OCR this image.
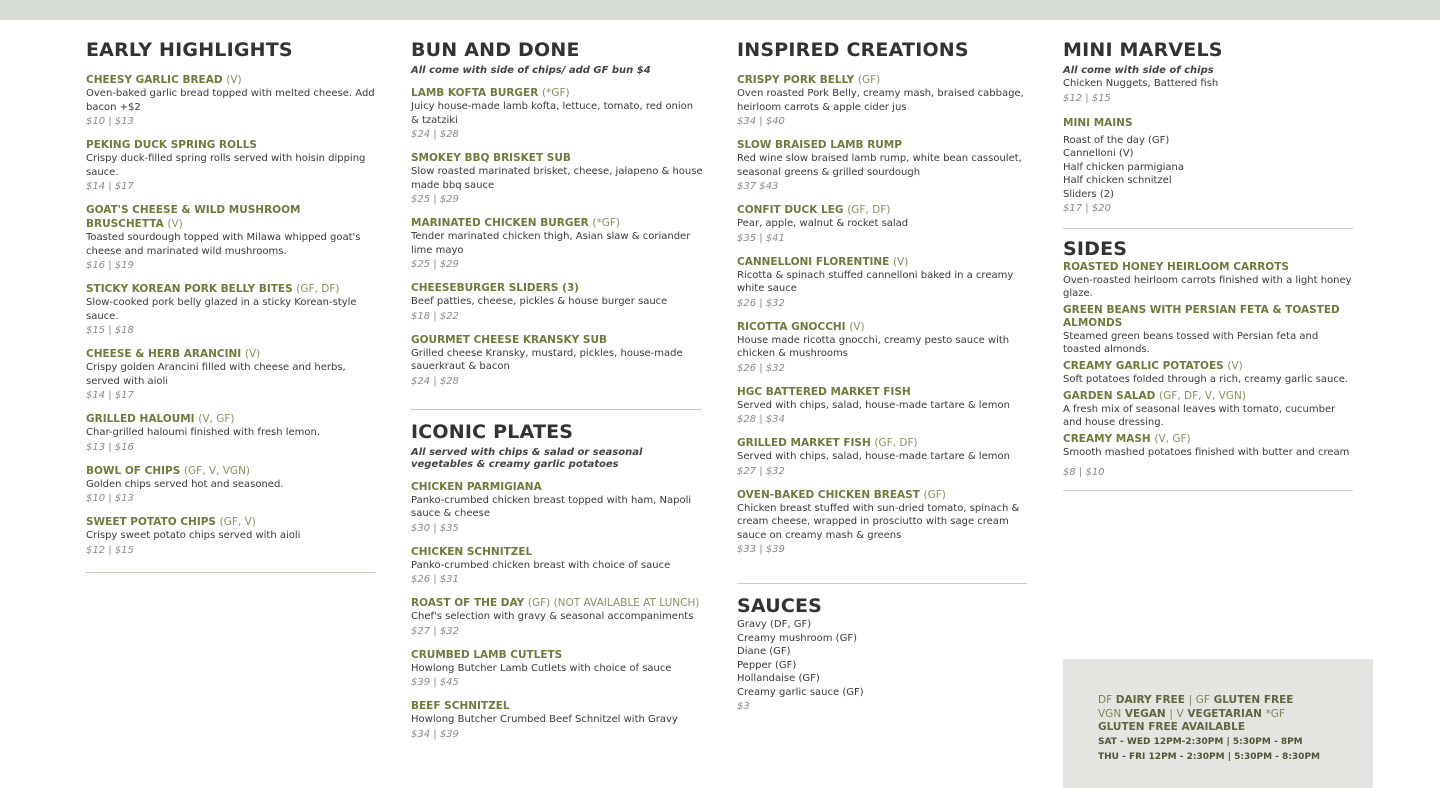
EARLY HIGHLIGHTS
CHEESY GARLIC BREAD (V)
Oven-baked garlic bread topped with melted cheese. Add bacon +$2
$10 | $13
PEKING DUCK SPRING ROLLS
Crispy duck-filled spring rolls served with hoisin dipping sauce.
$14 | $17
GOAT'S CHEESE & WILD MUSHROOM BRUSCHETTA (V)
Toasted sourdough topped with Milawa whipped goat's cheese and marinated wild mushrooms.
$16 | $19
STICKY KOREAN PORK BELLY BITES (GF, DF)
Slow-cooked pork belly glazed in a sticky Korean-style sauce.
$15 | $18
CHEESE & HERB ARANCINI (V)
Crispy golden Arancini filled with cheese and herbs, served with aioli
$14 | $17
GRILLED HALOUMI (V, GF)
Char-grilled haloumi finished with fresh lemon.
$13 | $16
BOWL OF CHIPS (GF, V, VGN)
Golden chips served hot and seasoned.
$10 | $13
SWEET POTATO CHIPS (GF, V)
Crispy sweet potato chips served with aioli
$12 | $15
BUN AND DONE
All come with side of chips/ add GF bun $4
LAMB KOFTA BURGER (*GF)
Juicy house-made lamb kofta, lettuce, tomato, red onion & tzatziki
$24 | $28
SMOKEY BBQ BRISKET SUB
Slow roasted marinated brisket, cheese, jalapeno & house made bbq sauce
$25 | $29
MARINATED CHICKEN BURGER (*GF)
Tender marinated chicken thigh, Asian slaw & coriander lime mayo
$25 | $29
CHEESEBURGER SLIDERS (3)
Beef patties, cheese, pickles & house burger sauce
$18 | $22
GOURMET CHEESE KRANSKY SUB
Grilled cheese Kransky, mustard, pickles, house-made sauerkraut & bacon
$24 | $28
ICONIC PLATES
All served with chips & salad or seasonal vegetables & creamy garlic potatoes
CHICKEN PARMIGIANA
Panko-crumbed chicken breast topped with ham, Napoli sauce & cheese
$30 | $35
CHICKEN SCHNITZEL
Panko-crumbed chicken breast with choice of sauce
$26 | $31
ROAST OF THE DAY (GF) (NOT AVAILABLE AT LUNCH)
Chef's selection with gravy & seasonal accompaniments
$27 | $32
CRUMBED LAMB CUTLETS
Howlong Butcher Lamb Cutlets with choice of sauce
$39 | $45
BEEF SCHNITZEL
Howlong Butcher Crumbed Beef Schnitzel with Gravy
$34 | $39
INSPIRED CREATIONS
CRISPY PORK BELLY (GF)
Oven roasted Pork Belly, creamy mash, braised cabbage, heirloom carrots & apple cider jus
$34 | $40
SLOW BRAISED LAMB RUMP
Red wine slow braised lamb rump, white bean cassoulet, seasonal greens & grilled sourdough
$37 $43
CONFIT DUCK LEG (GF, DF)
Pear, apple, walnut & rocket salad
$35 | $41
CANNELLONI FLORENTINE (V)
Ricotta & spinach stuffed cannelloni baked in a creamy white sauce
$26 | $32
RICOTTA GNOCCHI (V)
House made ricotta gnocchi, creamy pesto sauce with chicken & mushrooms
$26 | $32
HGC BATTERED MARKET FISH
Served with chips, salad, house-made tartare & lemon
$28 | $34
GRILLED MARKET FISH (GF, DF)
Served with chips, salad, house-made tartare & lemon
$27 | $32
OVEN-BAKED CHICKEN BREAST (GF)
Chicken breast stuffed with sun-dried tomato, spinach & cream cheese, wrapped in prosciutto with sage cream sauce on creamy mash & greens
$33 | $39
SAUCES
Gravy (DF, GF)
Creamy mushroom (GF)
Diane (GF)
Pepper (GF)
Hollandaise (GF)
Creamy garlic sauce (GF)
$3
MINI MARVELS
All come with side of chips
Chicken Nuggets, Battered fish
$12 | $15
MINI MAINS
Roast of the day (GF)
Cannelloni (V)
Half chicken parmigiana
Half chicken schnitzel
Sliders (2)
$17 | $20
SIDES
ROASTED HONEY HEIRLOOM CARROTS
Oven-roasted heirloom carrots finished with a light honey glaze.
GREEN BEANS WITH PERSIAN FETA & TOASTED ALMONDS
Steamed green beans tossed with Persian feta and toasted almonds.
CREAMY GARLIC POTATOES (V)
Soft potatoes folded through a rich, creamy garlic sauce.
GARDEN SALAD (GF, DF, V, VGN)
A fresh mix of seasonal leaves with tomato, cucumber and house dressing.
CREAMY MASH (V, GF)
Smooth mashed potatoes finished with butter and cream
$8 | $10
DF DAIRY FREE | GF GLUTEN FREE
VGN VEGAN | V VEGETARIAN *GF
GLUTEN FREE AVAILABLE
SAT - WED 12PM-2:30PM | 5:30PM - 8PM
THU - FRI 12PM - 2:30PM | 5:30PM - 8:30PM
